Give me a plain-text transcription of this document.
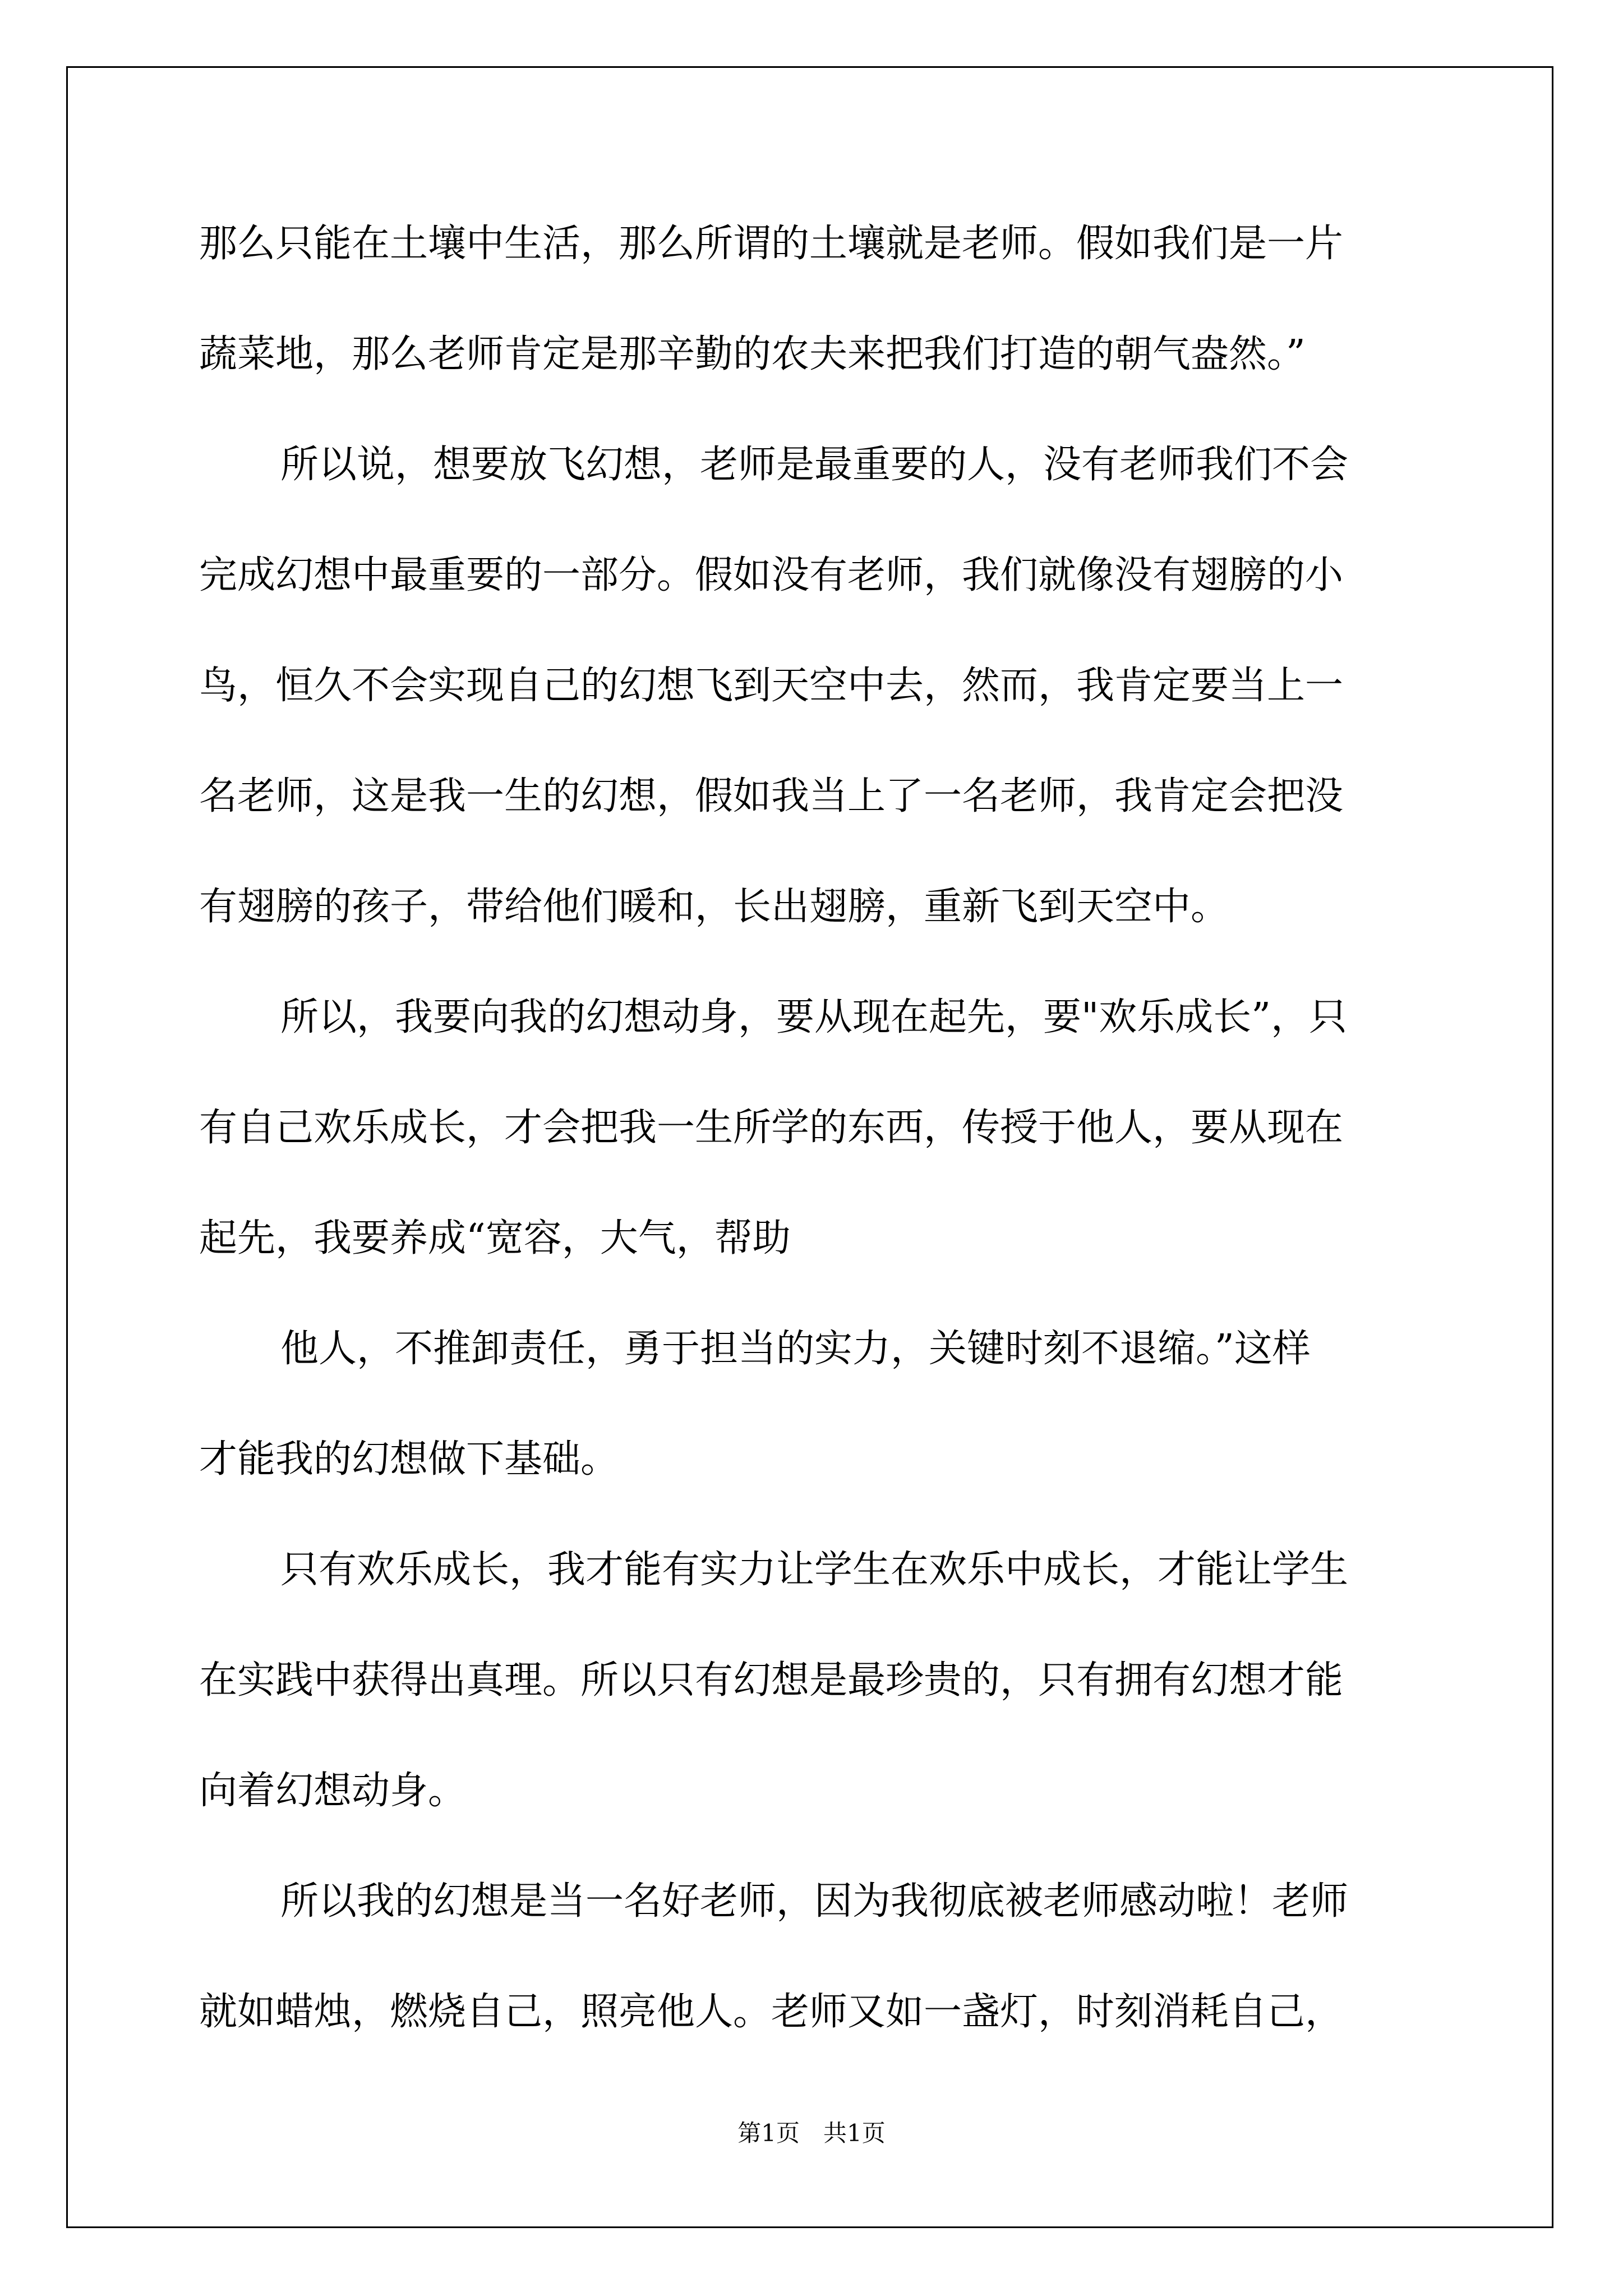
那么只能在土壤中生活，那么所谓的土壤就是老师。假如我们是一片
蔬菜地，那么老师肯定是那辛勤的农夫来把我们打造的朝气盎然。”
所以说，想要放飞幻想，老师是最重要的人，没有老师我们不会
完成幻想中最重要的一部分。假如没有老师，我们就像没有翅膀的小
鸟，恒久不会实现自己的幻想飞到天空中去，然而，我肯定要当上一
名老师，这是我一生的幻想，假如我当上了一名老师，我肯定会把没
有翅膀的孩子，带给他们暖和，长出翅膀，重新飞到天空中。
所以，我要向我的幻想动身，要从现在起先，要"欢乐成长”，只
有自己欢乐成长，才会把我一生所学的东西，传授于他人，要从现在
起先，我要养成“宽容，大气，帮助
他人，不推卸责任，勇于担当的实力，关键时刻不退缩。”这样
才能我的幻想做下基础。
只有欢乐成长，我才能有实力让学生在欢乐中成长，才能让学生
在实践中获得出真理。所以只有幻想是最珍贵的，只有拥有幻想才能
向着幻想动身。
所以我的幻想是当一名好老师，因为我彻底被老师感动啦！老师
就如蜡烛，燃烧自己，照亮他人。老师又如一盏灯，时刻消耗自己，
第1页　共1页
